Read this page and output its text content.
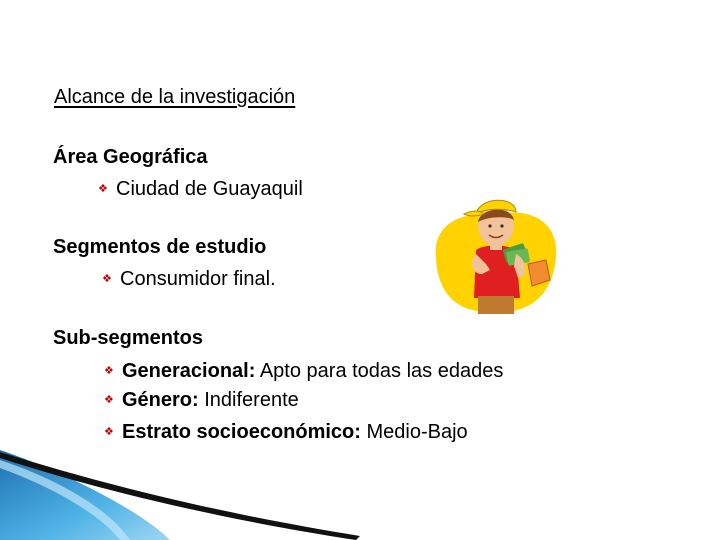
Alcance de la investigación
Área Geográfica
❖ Ciudad de Guayaquil
Segmentos de estudio
❖ Consumidor final.
Sub-segmentos
❖ Generacional: Apto para todas las edades
❖ Género: Indiferente
❖ Estrato socioeconómico: Medio-Bajo
